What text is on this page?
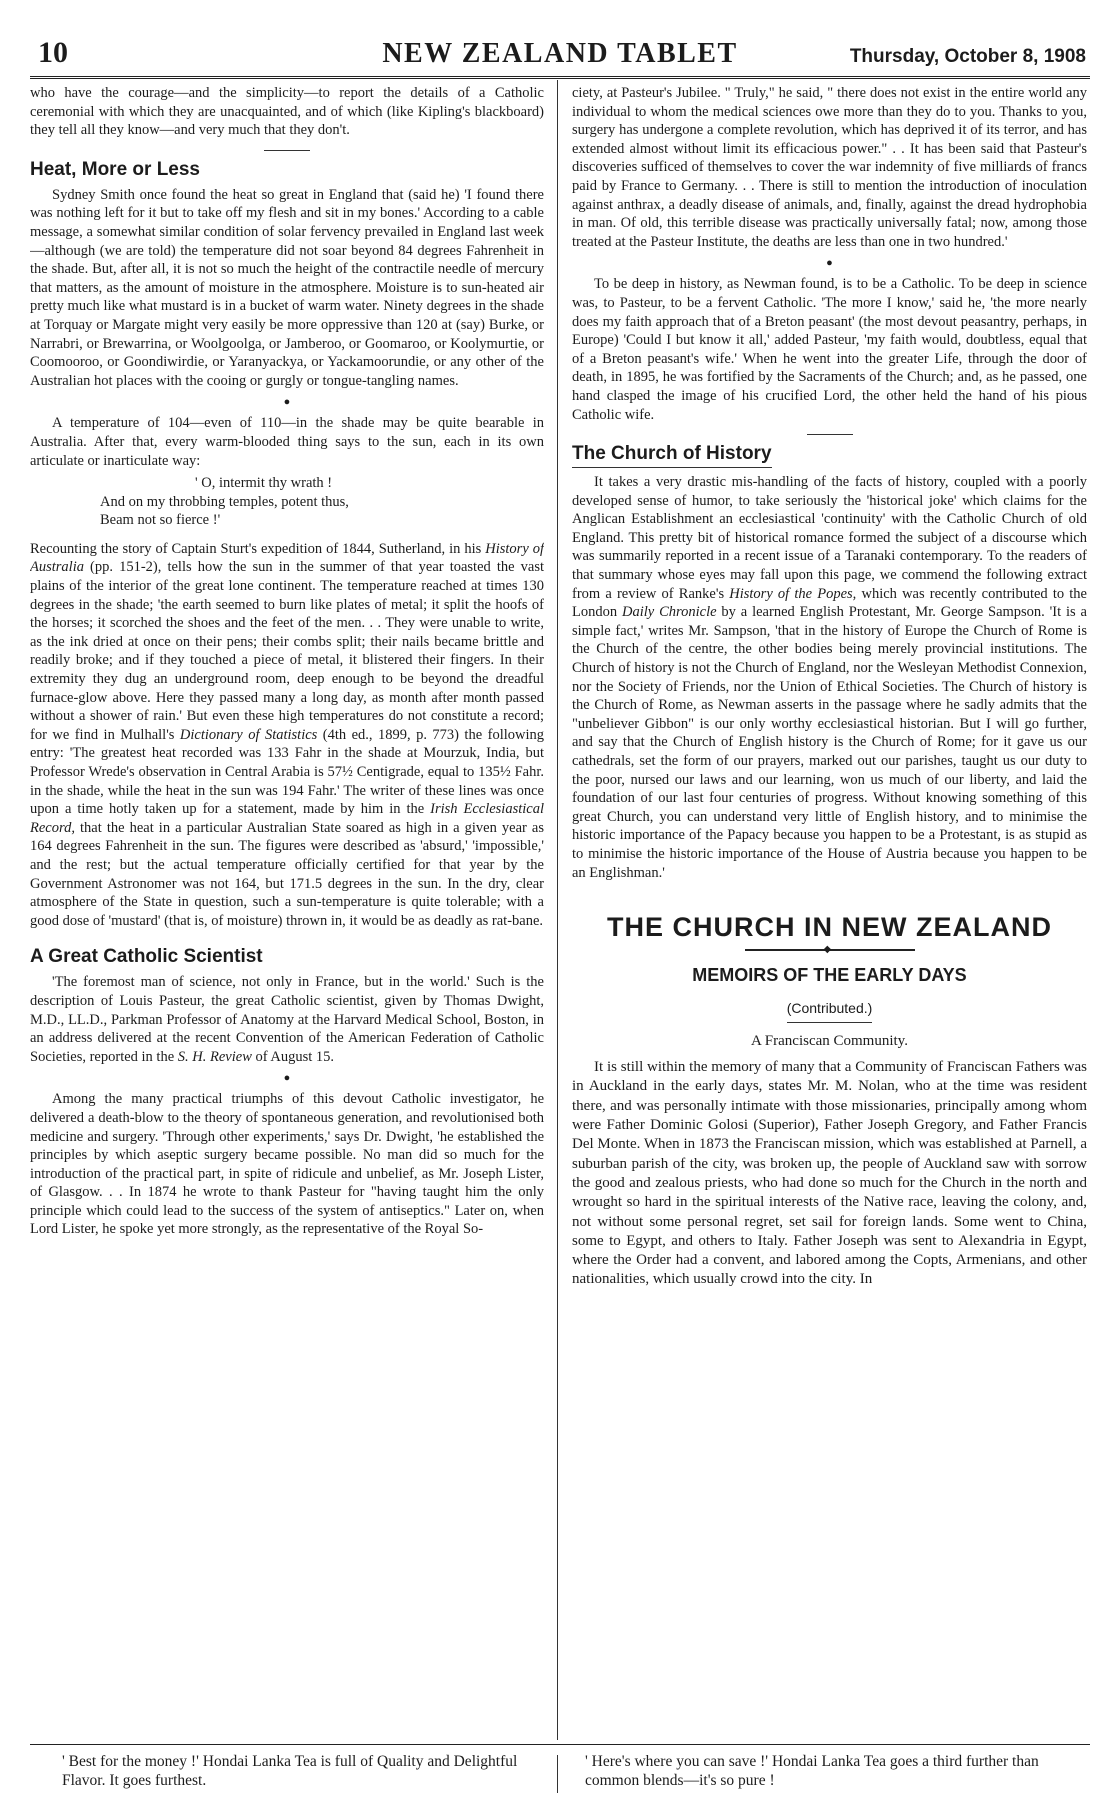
10	NEW ZEALAND TABLET	Thursday, October 8, 1908

who have the courage—and the simplicity—to report the details of a Catholic ceremonial with which they are unacquainted, and of which (like Kipling's blackboard) they tell all they know—and very much that they don't.

Heat, More or Less

Sydney Smith once found the heat so great in England that (said he) 'I found there was nothing left for it but to take off my flesh and sit in my bones.' According to a cable message, a somewhat similar condition of solar fervency prevailed in England last week—although (we are told) the temperature did not soar beyond 84 degrees Fahrenheit in the shade. But, after all, it is not so much the height of the contractile needle of mercury that matters, as the amount of moisture in the atmosphere. Moisture is to sun-heated air pretty much like what mustard is in a bucket of warm water. Ninety degrees in the shade at Torquay or Margate might very easily be more oppressive than 120 at (say) Burke, or Narrabri, or Brewarrina, or Woolgoolga, or Jamberoo, or Goomaroo, or Koolymurtie, or Coomooroo, or Goondiwirdie, or Yaranyackya, or Yackamoorundie, or any other of the Australian hot places with the cooing or gurgly or tongue-tangling names.

●

A temperature of 104—even of 110—in the shade may be quite bearable in Australia. After that, every warm-blooded thing says to the sun, each in its own articulate or inarticulate way:

' O, intermit thy wrath !
And on my throbbing temples, potent thus,
Beam not so fierce !'

Recounting the story of Captain Sturt's expedition of 1844, Sutherland, in his History of Australia (pp. 151-2), tells how the sun in the summer of that year toasted the vast plains of the interior of the great lone continent. The temperature reached at times 130 degrees in the shade; 'the earth seemed to burn like plates of metal; it split the hoofs of the horses; it scorched the shoes and the feet of the men. . . They were unable to write, as the ink dried at once on their pens; their combs split; their nails became brittle and readily broke; and if they touched a piece of metal, it blistered their fingers. In their extremity they dug an underground room, deep enough to be beyond the dreadful furnace-glow above. Here they passed many a long day, as month after month passed without a shower of rain.' But even these high temperatures do not constitute a record; for we find in Mulhall's Dictionary of Statistics (4th ed., 1899, p. 773) the following entry: 'The greatest heat recorded was 133 Fahr in the shade at Mourzuk, India, but Professor Wrede's observation in Central Arabia is 57½ Centigrade, equal to 135½ Fahr. in the shade, while the heat in the sun was 194 Fahr.' The writer of these lines was once upon a time hotly taken up for a statement, made by him in the Irish Ecclesiastical Record, that the heat in a particular Australian State soared as high in a given year as 164 degrees Fahrenheit in the sun. The figures were described as 'absurd,' 'impossible,' and the rest; but the actual temperature officially certified for that year by the Government Astronomer was not 164, but 171.5 degrees in the sun. In the dry, clear atmosphere of the State in question, such a sun-temperature is quite tolerable; with a good dose of 'mustard' (that is, of moisture) thrown in, it would be as deadly as rat-bane.

A Great Catholic Scientist

'The foremost man of science, not only in France, but in the world.' Such is the description of Louis Pasteur, the great Catholic scientist, given by Thomas Dwight, M.D., LL.D., Parkman Professor of Anatomy at the Harvard Medical School, Boston, in an address delivered at the recent Convention of the American Federation of Catholic Societies, reported in the S. H. Review of August 15.

●

Among the many practical triumphs of this devout Catholic investigator, he delivered a death-blow to the theory of spontaneous generation, and revolutionised both medicine and surgery. 'Through other experiments,' says Dr. Dwight, 'he established the principles by which aseptic surgery became possible. No man did so much for the introduction of the practical part, in spite of ridicule and unbelief, as Mr. Joseph Lister, of Glasgow. . . In 1874 he wrote to thank Pasteur for "having taught him the only principle which could lead to the success of the system of antiseptics." Later on, when Lord Lister, he spoke yet more strongly, as the representative of the Royal So-

ciety, at Pasteur's Jubilee. " Truly," he said, " there does not exist in the entire world any individual to whom the medical sciences owe more than they do to you. Thanks to you, surgery has undergone a complete revolution, which has deprived it of its terror, and has extended almost without limit its efficacious power." . . It has been said that Pasteur's discoveries sufficed of themselves to cover the war indemnity of five milliards of francs paid by France to Germany. . . There is still to mention the introduction of inoculation against anthrax, a deadly disease of animals, and, finally, against the dread hydrophobia in man. Of old, this terrible disease was practically universally fatal; now, among those treated at the Pasteur Institute, the deaths are less than one in two hundred.'

●

To be deep in history, as Newman found, is to be a Catholic. To be deep in science was, to Pasteur, to be a fervent Catholic. 'The more I know,' said he, 'the more nearly does my faith approach that of a Breton peasant' (the most devout peasantry, perhaps, in Europe) 'Could I but know it all,' added Pasteur, 'my faith would, doubtless, equal that of a Breton peasant's wife.' When he went into the greater Life, through the door of death, in 1895, he was fortified by the Sacraments of the Church; and, as he passed, one hand clasped the image of his crucified Lord, the other held the hand of his pious Catholic wife.

The Church of History

It takes a very drastic mis-handling of the facts of history, coupled with a poorly developed sense of humor, to take seriously the 'historical joke' which claims for the Anglican Establishment an ecclesiastical 'continuity' with the Catholic Church of old England. This pretty bit of historical romance formed the subject of a discourse which was summarily reported in a recent issue of a Taranaki contemporary. To the readers of that summary whose eyes may fall upon this page, we commend the following extract from a review of Ranke's History of the Popes, which was recently contributed to the London Daily Chronicle by a learned English Protestant, Mr. George Sampson. 'It is a simple fact,' writes Mr. Sampson, 'that in the history of Europe the Church of Rome is the Church of the centre, the other bodies being merely provincial institutions. The Church of history is not the Church of England, nor the Wesleyan Methodist Connexion, nor the Society of Friends, nor the Union of Ethical Societies. The Church of history is the Church of Rome, as Newman asserts in the passage where he sadly admits that the "unbeliever Gibbon" is our only worthy ecclesiastical historian. But I will go further, and say that the Church of English history is the Church of Rome; for it gave us our cathedrals, set the form of our prayers, marked out our parishes, taught us our duty to the poor, nursed our laws and our learning, won us much of our liberty, and laid the foundation of our last four centuries of progress. Without knowing something of this great Church, you can understand very little of English history, and to minimise the historic importance of the Papacy because you happen to be a Protestant, is as stupid as to minimise the historic importance of the House of Austria because you happen to be an Englishman.'

THE CHURCH IN NEW ZEALAND
◆
MEMOIRS OF THE EARLY DAYS
(Contributed.)
A Franciscan Community.

It is still within the memory of many that a Community of Franciscan Fathers was in Auckland in the early days, states Mr. M. Nolan, who at the time was resident there, and was personally intimate with those missionaries, principally among whom were Father Dominic Golosi (Superior), Father Joseph Gregory, and Father Francis Del Monte. When in 1873 the Franciscan mission, which was established at Parnell, a suburban parish of the city, was broken up, the people of Auckland saw with sorrow the good and zealous priests, who had done so much for the Church in the north and wrought so hard in the spiritual interests of the Native race, leaving the colony, and, not without some personal regret, set sail for foreign lands. Some went to China, some to Egypt, and others to Italy. Father Joseph was sent to Alexandria in Egypt, where the Order had a convent, and labored among the Copts, Armenians, and other nationalities, which usually crowd into the city. In

' Best for the money !' Hondai Lanka Tea is full of Quality and Delightful Flavor. It goes furthest.
' Here's where you can save !' Hondai Lanka Tea goes a third further than common blends—it's so pure !
